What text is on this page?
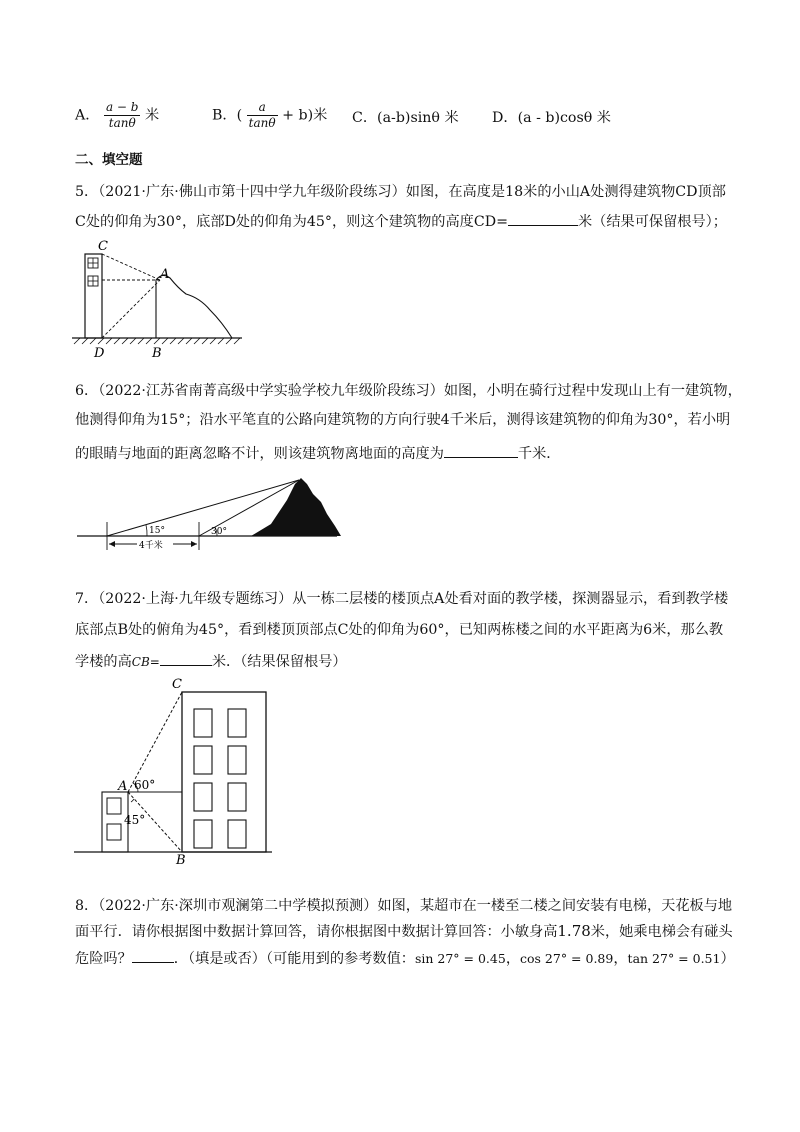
A． $\frac{a - b}{\tan\theta}$ 米	B．( $\frac{a}{\tan\theta} + b$)米 C．(a-b)sinθ 米 D．(a - b)cosθ 米
二、填空题
5．（2021·广东·佛山市第十四中学九年级阶段练习）如图，在高度是18米的小山A处测得建筑物CD顶部
C处的仰角为30°，底部D处的仰角为45°，则这个建筑物的高度CD=	米（结果可保留根号）；
C
A
D	B
6．（2022·江苏省南菁高级中学实验学校九年级阶段练习）如图，小明在骑行过程中发现山上有一建筑物，
他测得仰角为15°；沿水平笔直的公路向建筑物的方向行驶4千米后，测得该建筑物的仰角为30°，若小明
的眼睛与地面的距离忽略不计，则该建筑物离地面的高度为	千米．
15°	30°
4千米
7．（2022·上海·九年级专题练习）从一栋二层楼的楼顶点A处看对面的教学楼，探测器显示，看到教学楼
底部点B处的俯角为45°，看到楼顶顶部点C处的仰角为60°，已知两栋楼之间的水平距离为6米，那么教
学楼的高CB=	米．（结果保留根号）
C
A
B
60°
45°
8．（2022·广东·深圳市观澜第二中学模拟预测）如图，某超市在一楼至二楼之间安装有电梯，天花板与地
面平行．请你根据图中数据计算回答，请你根据图中数据计算回答：小敏身高1.78米，她乘电梯会有碰头
危险吗？	．（填是或否）（可能用到的参考数值：sin 27° = 0.45，cos 27° = 0.89，tan 27° = 0.51）
